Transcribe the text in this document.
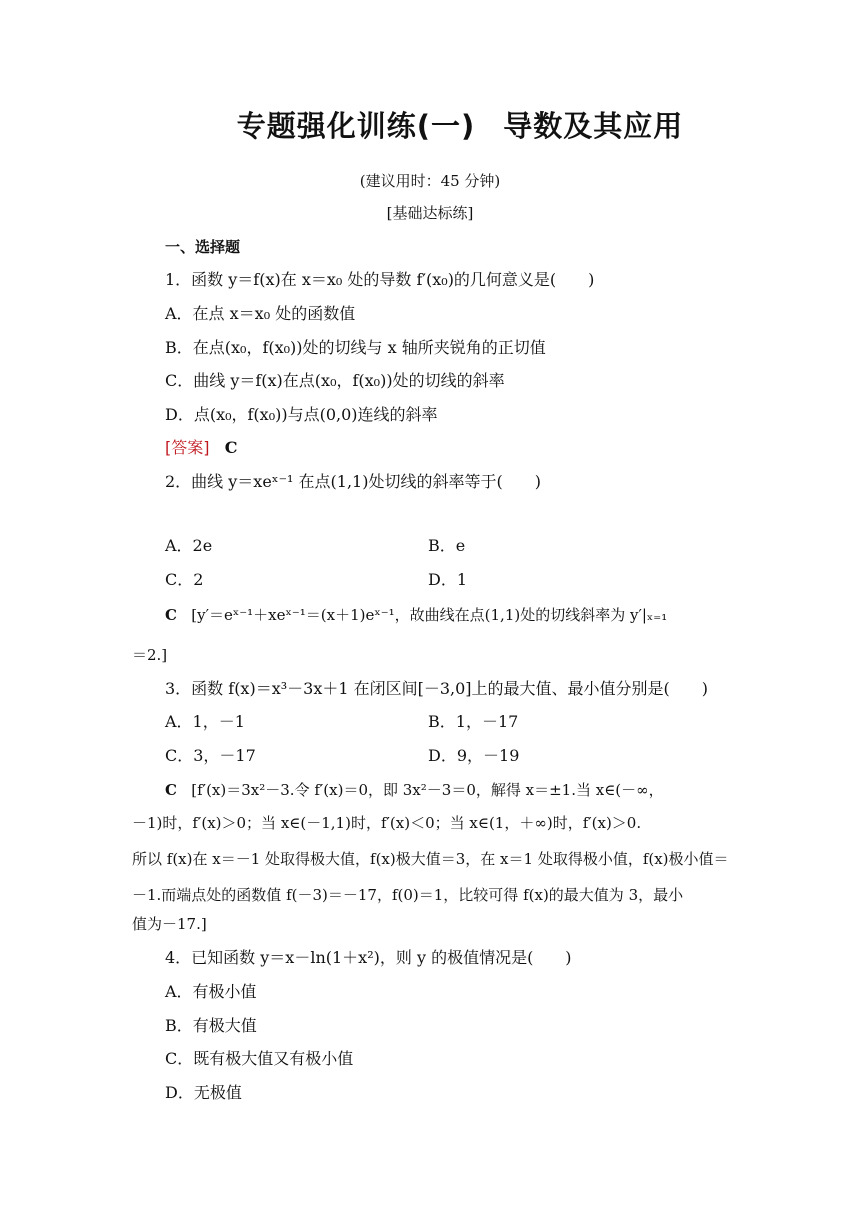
专题强化训练(一) 导数及其应用
(建议用时：45 分钟)
[基础达标练]
一、选择题
1．函数 y＝f(x)在 x＝x₀ 处的导数 f′(x₀)的几何意义是(　　)
A．在点 x＝x₀ 处的函数值
B．在点(x₀，f(x₀))处的切线与 x 轴所夹锐角的正切值
C．曲线 y＝f(x)在点(x₀，f(x₀))处的切线的斜率
D．点(x₀，f(x₀))与点(0,0)连线的斜率
[答案] C
2．曲线 y＝xeˣ⁻¹ 在点(1,1)处切线的斜率等于(　　)
A．2e	B．e
C．2	D．1
C [y′＝eˣ⁻¹＋xeˣ⁻¹＝(x＋1)eˣ⁻¹，故曲线在点(1,1)处的切线斜率为 y′|ₓ₌₁
＝2.]
3．函数 f(x)＝x³－3x＋1 在闭区间[－3,0]上的最大值、最小值分别是(　　)
A．1，－1	B．1，－17
C．3，－17	D．9，－19
C [f′(x)＝3x²－3.令 f′(x)＝0，即 3x²－3＝0，解得 x＝±1.当 x∈(－∞，
－1)时，f′(x)＞0；当 x∈(－1,1)时，f′(x)＜0；当 x∈(1，＋∞)时，f′(x)＞0.
所以 f(x)在 x＝－1 处取得极大值，f(x)极大值＝3，在 x＝1 处取得极小值，f(x)极小值＝
－1.而端点处的函数值 f(－3)＝－17，f(0)＝1，比较可得 f(x)的最大值为 3，最小
值为－17.]
4．已知函数 y＝x－ln(1＋x²)，则 y 的极值情况是(　　)
A．有极小值
B．有极大值
C．既有极大值又有极小值
D．无极值
